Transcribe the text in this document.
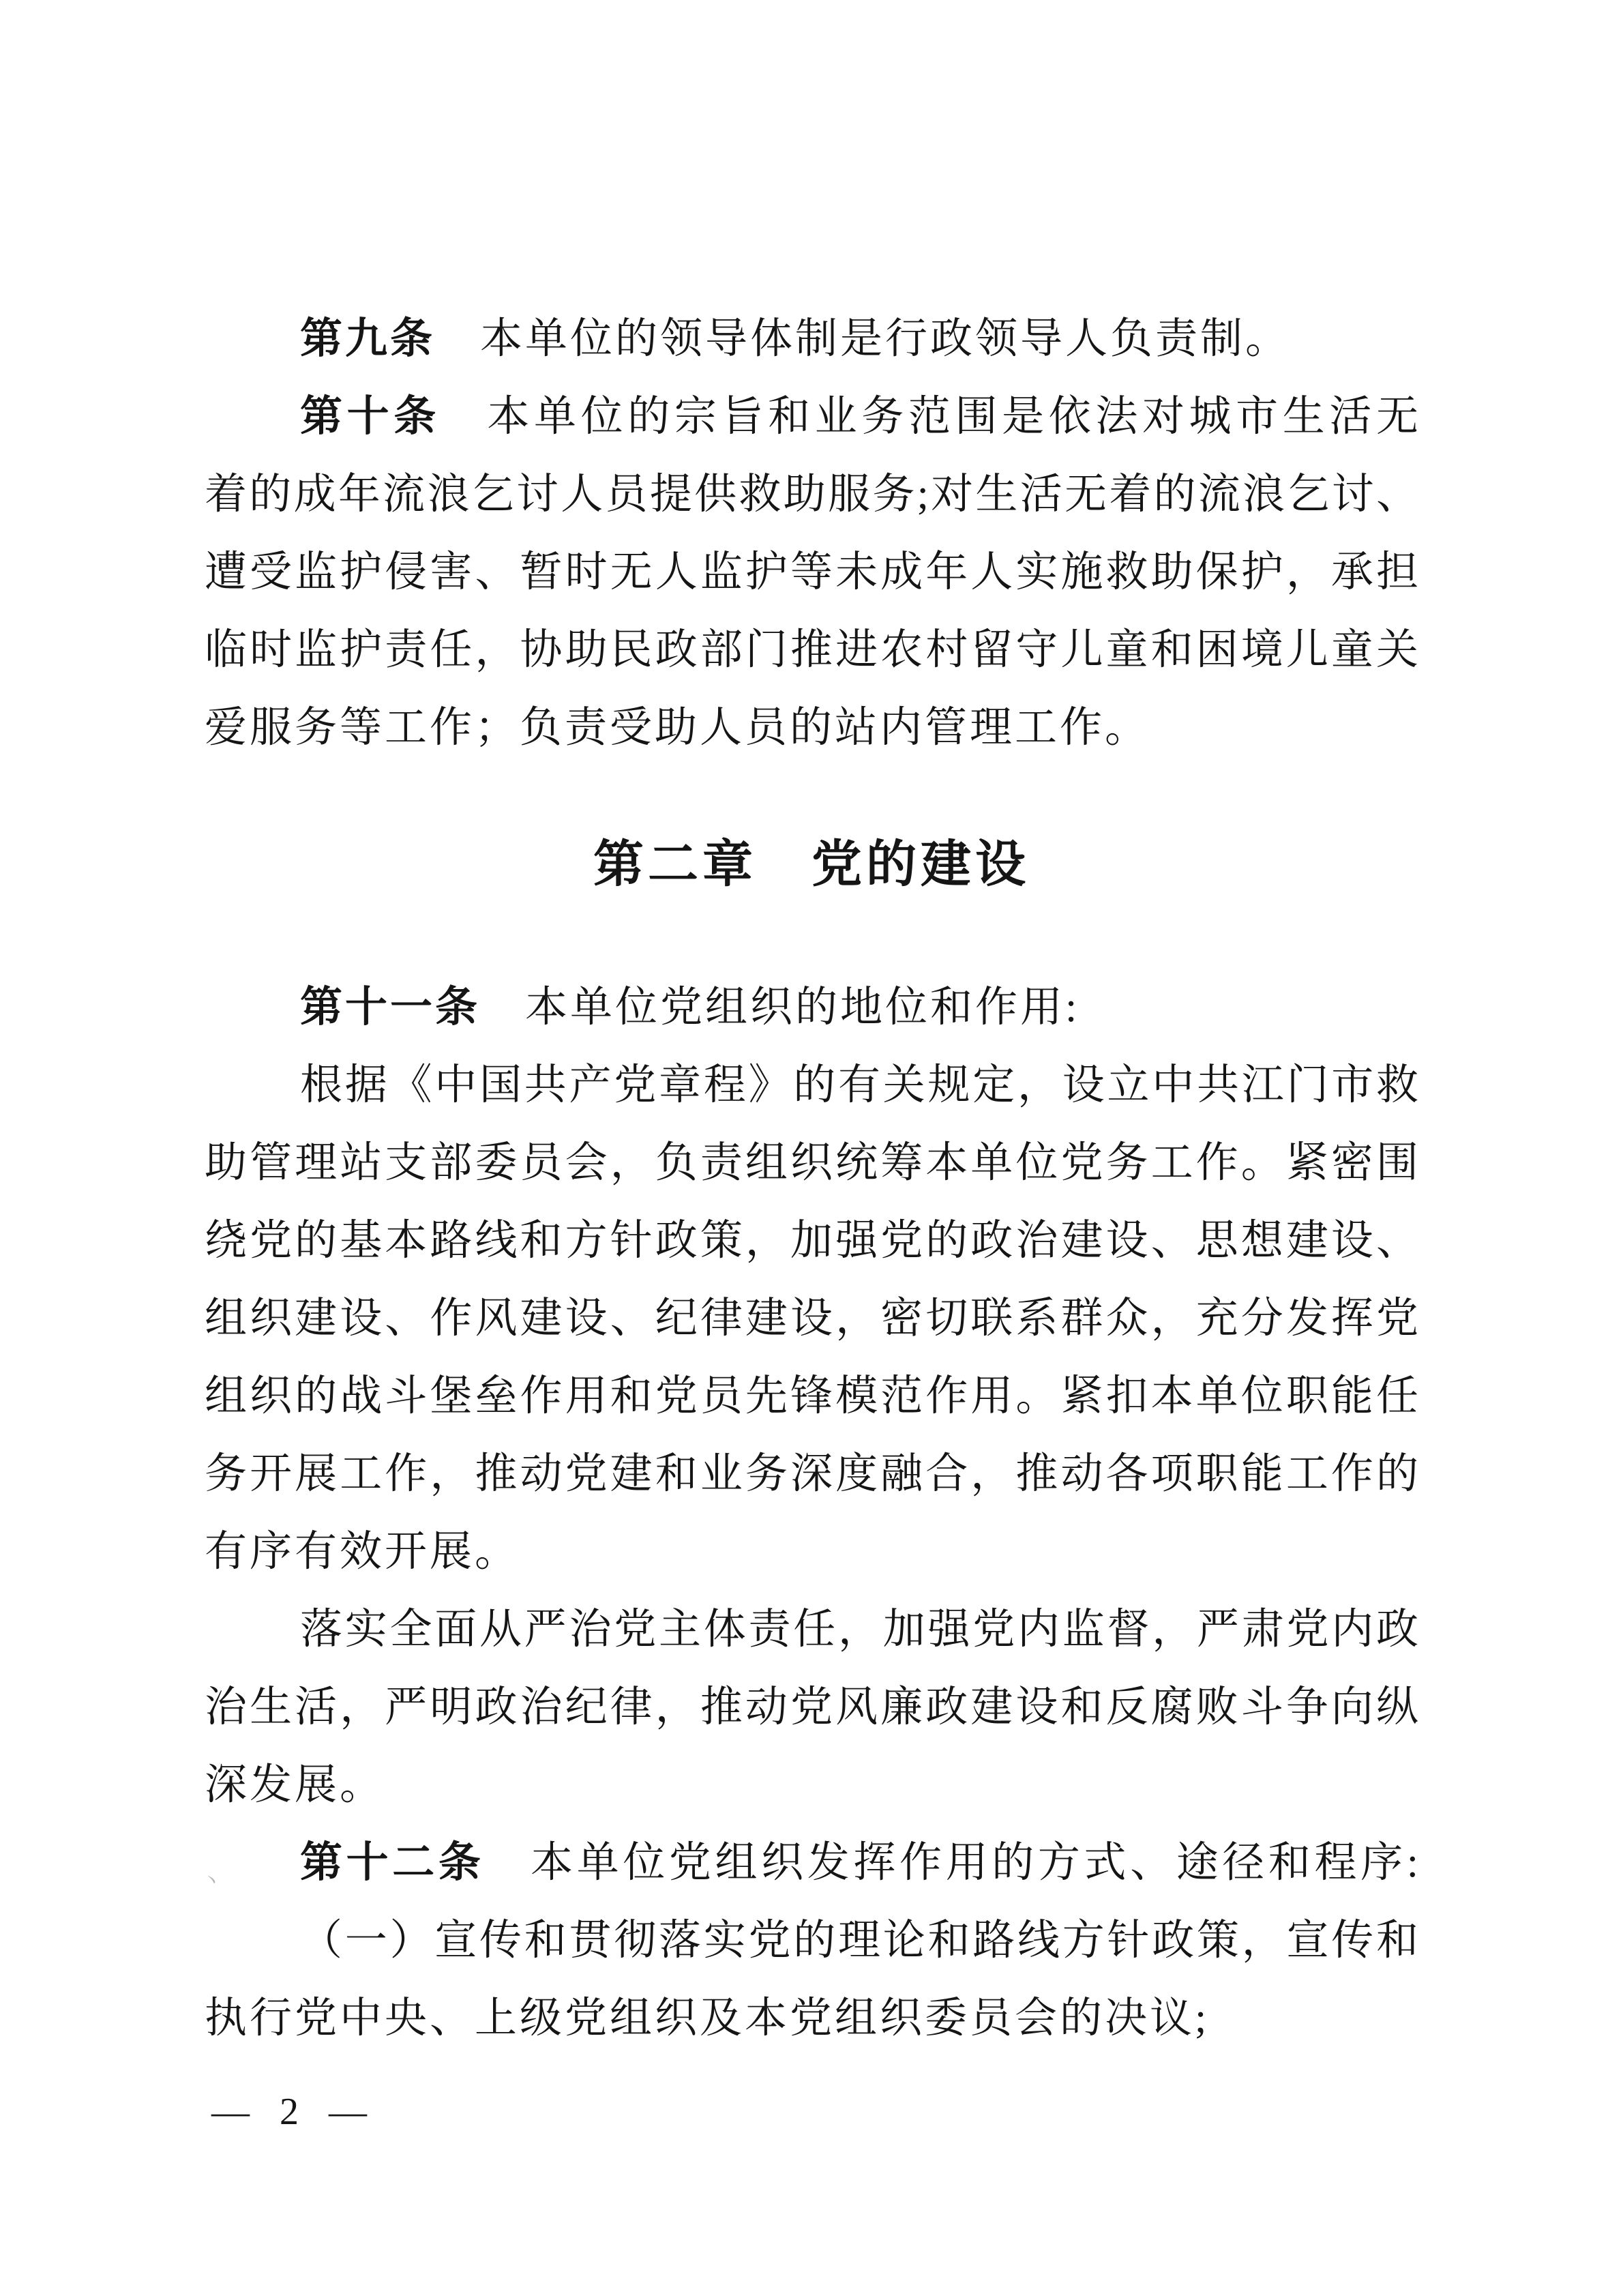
第九条　本单位的领导体制是行政领导人负责制。
第十条　本单位的宗旨和业务范围是依法对城市生活无
着的成年流浪乞讨人员提供救助服务;对生活无着的流浪乞讨、
遭受监护侵害、暂时无人监护等未成年人实施救助保护，承担
临时监护责任，协助民政部门推进农村留守儿童和困境儿童关
爱服务等工作；负责受助人员的站内管理工作。
第二章　党的建设
第十一条　本单位党组织的地位和作用:
根据《中国共产党章程》的有关规定，设立中共江门市救
助管理站支部委员会，负责组织统筹本单位党务工作。紧密围
绕党的基本路线和方针政策，加强党的政治建设、思想建设、
组织建设、作风建设、纪律建设，密切联系群众，充分发挥党
组织的战斗堡垒作用和党员先锋模范作用。紧扣本单位职能任
务开展工作，推动党建和业务深度融合，推动各项职能工作的
有序有效开展。
落实全面从严治党主体责任，加强党内监督，严肃党内政
治生活，严明政治纪律，推动党风廉政建设和反腐败斗争向纵
深发展。
第十二条　本单位党组织发挥作用的方式、途径和程序:
（一）宣传和贯彻落实党的理论和路线方针政策，宣传和
执行党中央、上级党组织及本党组织委员会的决议;
— 2 —
丶
